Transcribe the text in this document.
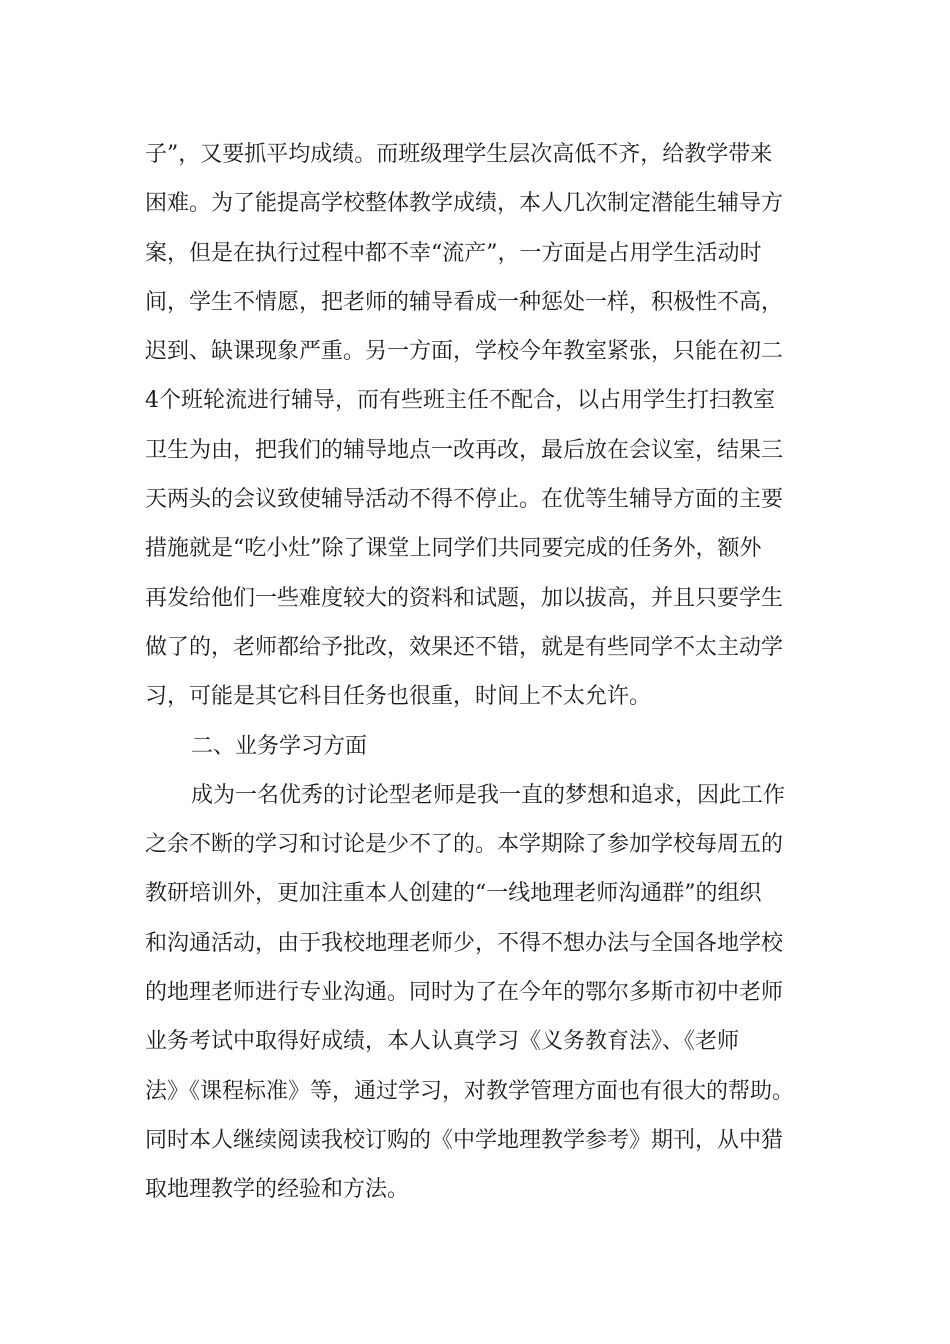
子”，又要抓平均成绩。而班级理学生层次高低不齐，给教学带来
困难。为了能提高学校整体教学成绩，本人几次制定潜能生辅导方
案，但是在执行过程中都不幸“流产”，一方面是占用学生活动时
间，学生不情愿，把老师的辅导看成一种惩处一样，积极性不高，
迟到、缺课现象严重。另一方面，学校今年教室紧张，只能在初二
4个班轮流进行辅导，而有些班主任不配合，以占用学生打扫教室
卫生为由，把我们的辅导地点一改再改，最后放在会议室，结果三
天两头的会议致使辅导活动不得不停止。在优等生辅导方面的主要
措施就是“吃小灶”除了课堂上同学们共同要完成的任务外，额外
再发给他们一些难度较大的资料和试题，加以拔高，并且只要学生
做了的，老师都给予批改，效果还不错，就是有些同学不太主动学
习，可能是其它科目任务也很重，时间上不太允许。
二、业务学习方面
成为一名优秀的讨论型老师是我一直的梦想和追求，因此工作
之余不断的学习和讨论是少不了的。本学期除了参加学校每周五的
教研培训外，更加注重本人创建的“一线地理老师沟通群”的组织
和沟通活动，由于我校地理老师少，不得不想办法与全国各地学校
的地理老师进行专业沟通。同时为了在今年的鄂尔多斯市初中老师
业务考试中取得好成绩，本人认真学习《义务教育法》、《老师
法》《课程标准》等，通过学习，对教学管理方面也有很大的帮助。
同时本人继续阅读我校订购的《中学地理教学参考》期刊，从中猎
取地理教学的经验和方法。
